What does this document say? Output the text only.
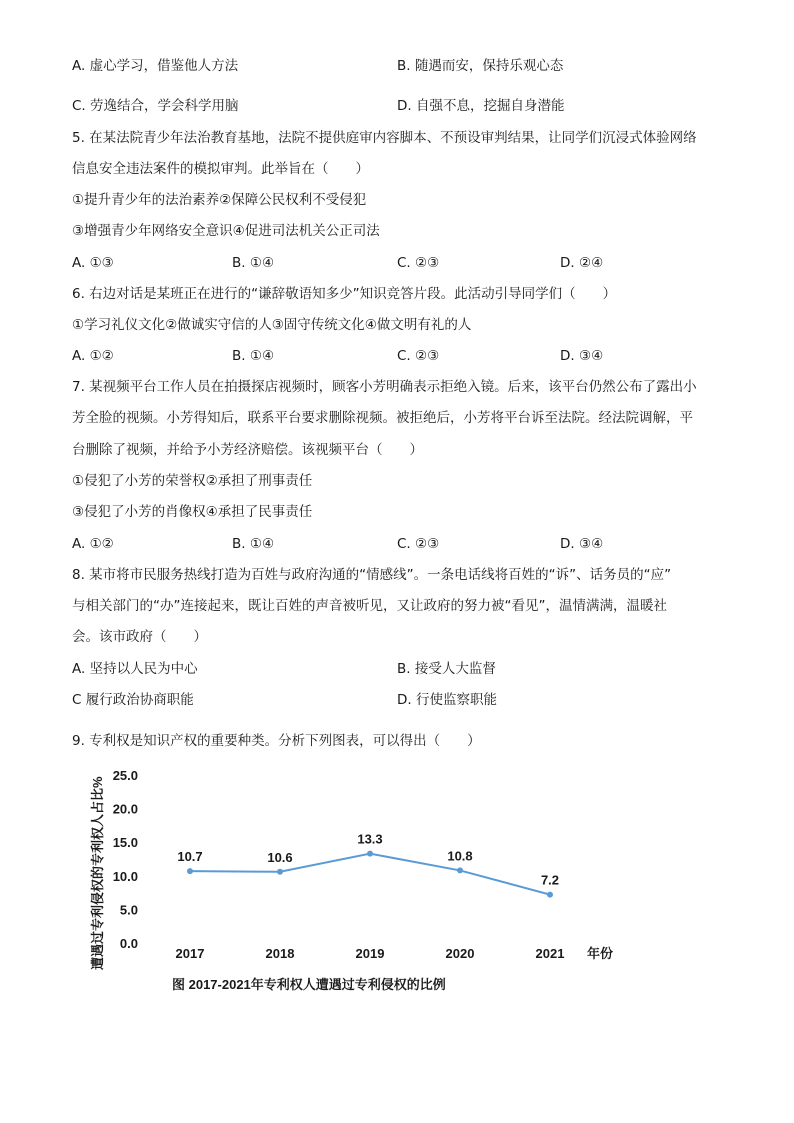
A. 虚心学习，借鉴他人方法	B. 随遇而安，保持乐观心态
C. 劳逸结合，学会科学用脑	D. 自强不息，挖掘自身潜能
5. 在某法院青少年法治教育基地，法院不提供庭审内容脚本、不预设审判结果，让同学们沉浸式体验网络
信息安全违法案件的模拟审判。此举旨在（　　）
①提升青少年的法治素养②保障公民权利不受侵犯
③增强青少年网络安全意识④促进司法机关公正司法
A. ①③	B. ①④	C. ②③	D. ②④
6. 右边对话是某班正在进行的“谦辞敬语知多少”知识竞答片段。此活动引导同学们（　　）
①学习礼仪文化②做诚实守信的人③固守传统文化④做文明有礼的人
A. ①②	B. ①④	C. ②③	D. ③④
7. 某视频平台工作人员在拍摄探店视频时，顾客小芳明确表示拒绝入镜。后来，该平台仍然公布了露出小
芳全脸的视频。小芳得知后，联系平台要求删除视频。被拒绝后，小芳将平台诉至法院。经法院调解，平
台删除了视频，并给予小芳经济赔偿。该视频平台（　　）
①侵犯了小芳的荣誉权②承担了刑事责任
③侵犯了小芳的肖像权④承担了民事责任
A. ①②	B. ①④	C. ②③	D. ③④
8. 某市将市民服务热线打造为百姓与政府沟通的“情感线”。一条电话线将百姓的“诉”、话务员的“应”
与相关部门的“办”连接起来，既让百姓的声音被听见，又让政府的努力被“看见”，温情满满，温暖社
会。该市政府（　　）
A. 坚持以人民为中心	B. 接受人大监督
C 履行政治协商职能	D. 行使监察职能
9. 专利权是知识产权的重要种类。分析下列图表，可以得出（　　）
遭遇过专利侵权的专利权人占比% 0.0
5.0
10.0
15.0
20.0
25.0
2017	2018	2019	2020	2021
10.7	10.6
13.3
10.8
7.2
年份
图 2017-2021年专利权人遭遇过专利侵权的比例
